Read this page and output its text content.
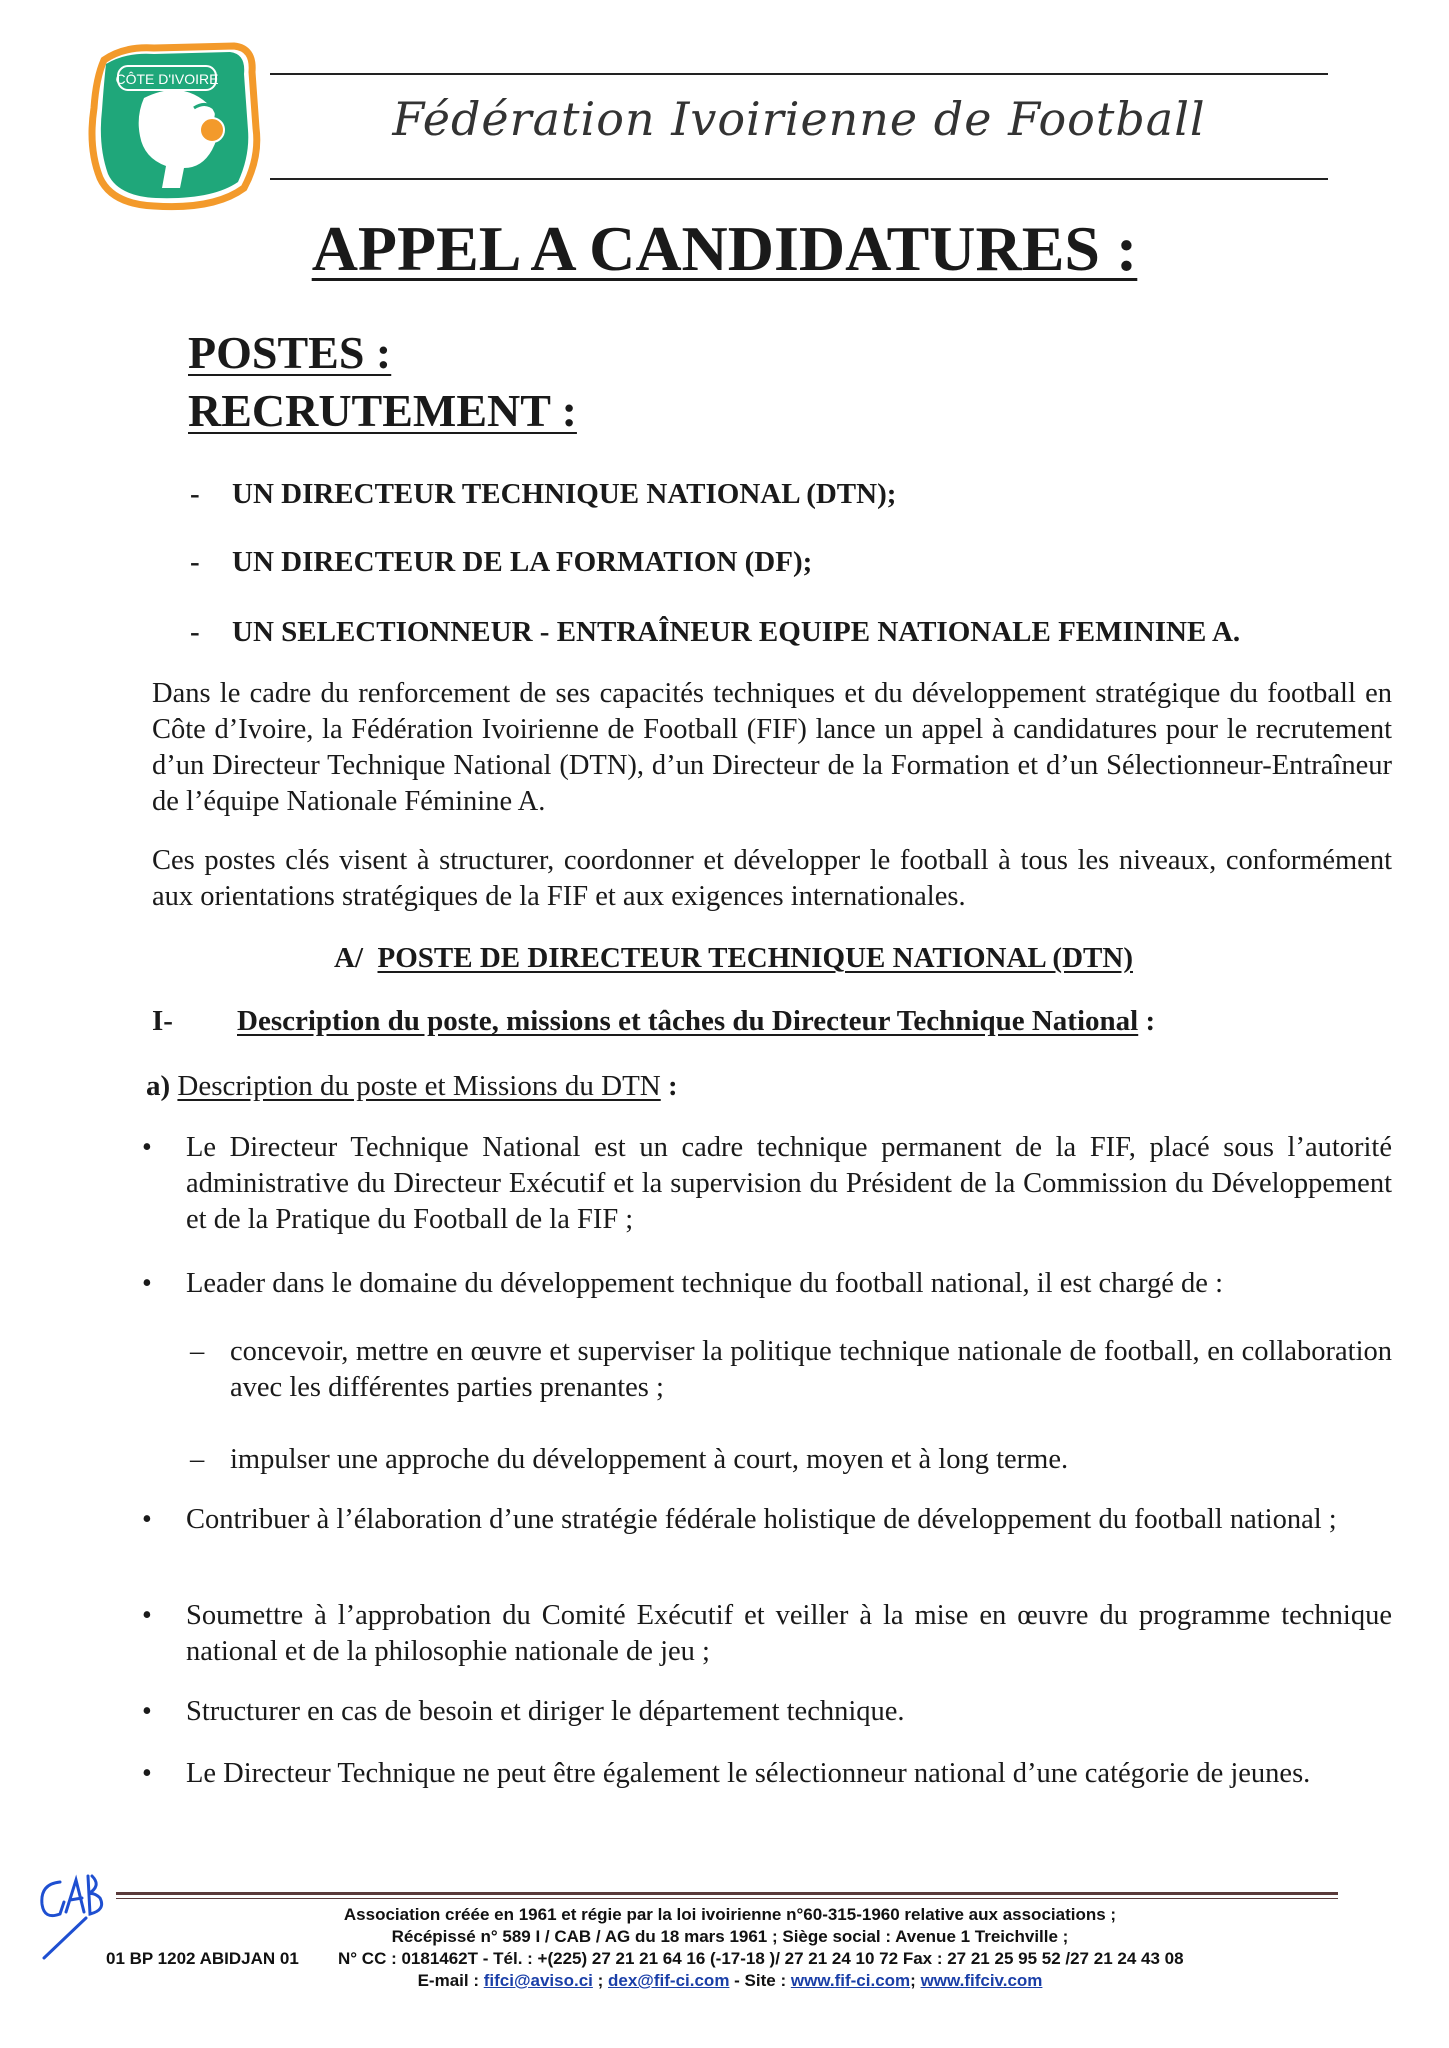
CÔTE D'IVOIRE
Fédération Ivoirienne de Football
APPEL A CANDIDATURES :
POSTES :
RECRUTEMENT :
- UN DIRECTEUR TECHNIQUE NATIONAL (DTN);
- UN DIRECTEUR DE LA FORMATION (DF);
- UN SELECTIONNEUR - ENTRAÎNEUR EQUIPE NATIONALE FEMININE A.

Dans le cadre du renforcement de ses capacités techniques et du développement stratégique du football en Côte d’Ivoire, la Fédération Ivoirienne de Football (FIF) lance un appel à candidatures pour le recrutement d’un Directeur Technique National (DTN), d’un Directeur de la Formation et d’un Sélectionneur-Entraîneur de l’équipe Nationale Féminine A.

Ces postes clés visent à structurer, coordonner et développer le football à tous les niveaux, conformément aux orientations stratégiques de la FIF et aux exigences internationales.

A/ POSTE DE DIRECTEUR TECHNIQUE NATIONAL (DTN)
I- Description du poste, missions et tâches du Directeur Technique National :
a) Description du poste et Missions du DTN :
•	Le Directeur Technique National est un cadre technique permanent de la FIF, placé sous l’autorité administrative du Directeur Exécutif et la supervision du Président de la Commission du Développement et de la Pratique du Football de la FIF ;
•	Leader dans le domaine du développement technique du football national, il est chargé de :
– concevoir, mettre en œuvre et superviser la politique technique nationale de football, en collaboration avec les différentes parties prenantes ;
– impulser une approche du développement à court, moyen et à long terme.
•	Contribuer à l’élaboration d’une stratégie fédérale holistique de développement du football national ;
•	Soumettre à l’approbation du Comité Exécutif et veiller à la mise en œuvre du programme technique national et de la philosophie nationale de jeu ;
•	Structurer en cas de besoin et diriger le département technique.
•	Le Directeur Technique ne peut être également le sélectionneur national d’une catégorie de jeunes.
Association créée en 1961 et régie par la loi ivoirienne n°60-315-1960 relative aux associations ;
Récépissé n° 589 I / CAB / AG du 18 mars 1961 ; Siège social : Avenue 1 Treichville ;
01 BP 1202 ABIDJAN 01 N° CC : 0181462T - Tél. : +(225) 27 21 21 64 16 (-17-18 )/ 27 21 24 10 72 Fax : 27 21 25 95 52 /27 21 24 43 08
E-mail : fifci@aviso.ci ; dex@fif-ci.com - Site : www.fif-ci.com; www.fifciv.com
